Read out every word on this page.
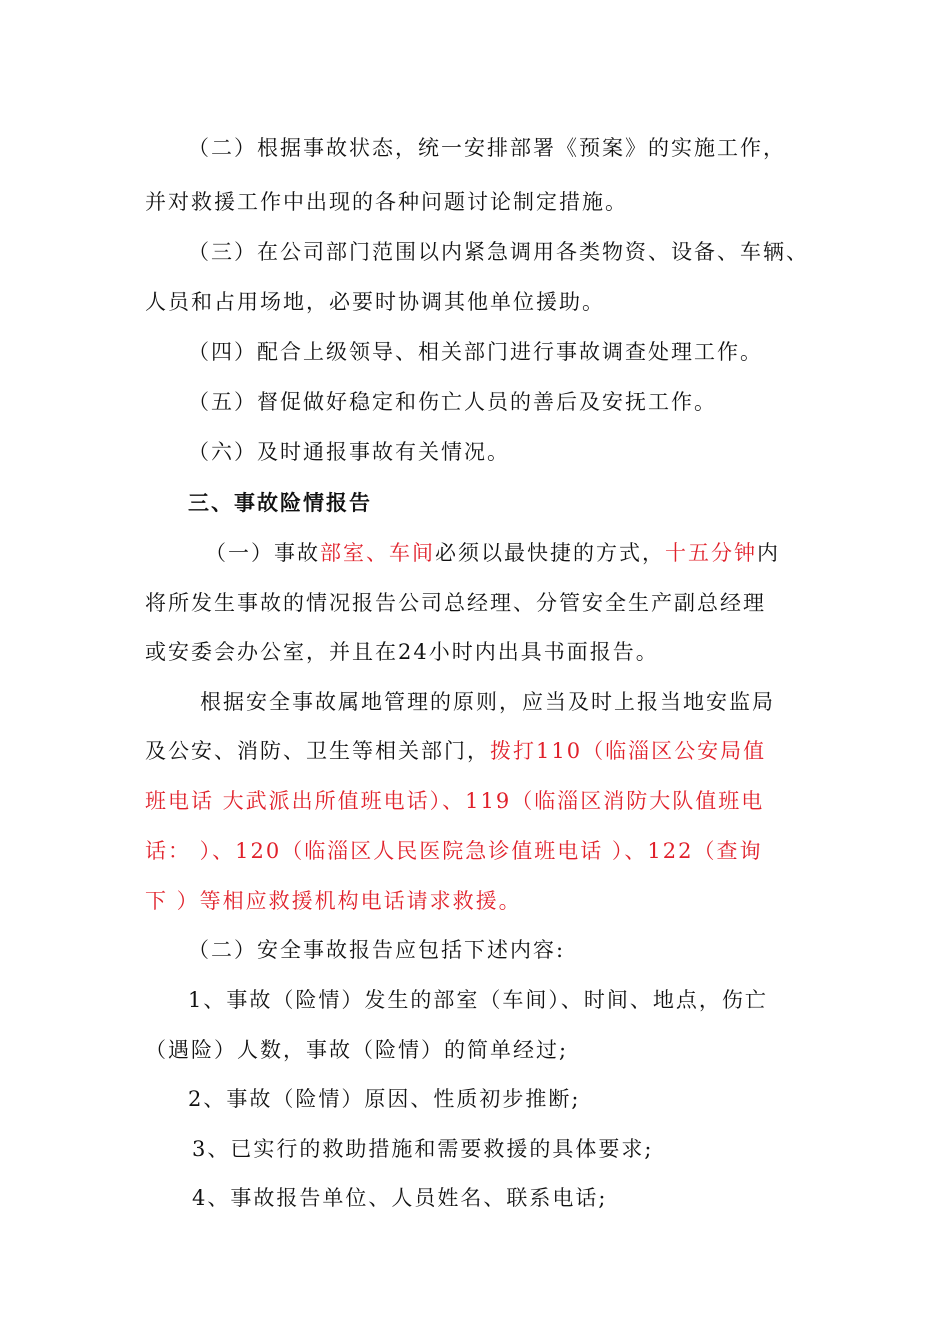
（二）根据事故状态，统一安排部署《预案》的实施工作，
并对救援工作中出现的各种问题讨论制定措施。
（三）在公司部门范围以内紧急调用各类物资、设备、车辆、
人员和占用场地，必要时协调其他单位援助。
（四）配合上级领导、相关部门进行事故调查处理工作。
（五）督促做好稳定和伤亡人员的善后及安抚工作。
（六）及时通报事故有关情况。
三、事故险情报告
（一）事故部室、车间必须以最快捷的方式，十五分钟内
将所发生事故的情况报告公司总经理、分管安全生产副总经理
或安委会办公室，并且在24小时内出具书面报告。
根据安全事故属地管理的原则，应当及时上报当地安监局
及公安、消防、卫生等相关部门，拨打110（临淄区公安局值
班电话 大武派出所值班电话）、119（临淄区消防大队值班电
话： ）、120（临淄区人民医院急诊值班电话 ）、122（查询
下 ）等相应救援机构电话请求救援。
（二）安全事故报告应包括下述内容:
1、事故（险情）发生的部室（车间）、时间、地点，伤亡
（遇险）人数，事故（险情）的简单经过;
2、事故（险情）原因、性质初步推断;
3、已实行的救助措施和需要救援的具体要求;
4、事故报告单位、人员姓名、联系电话;
